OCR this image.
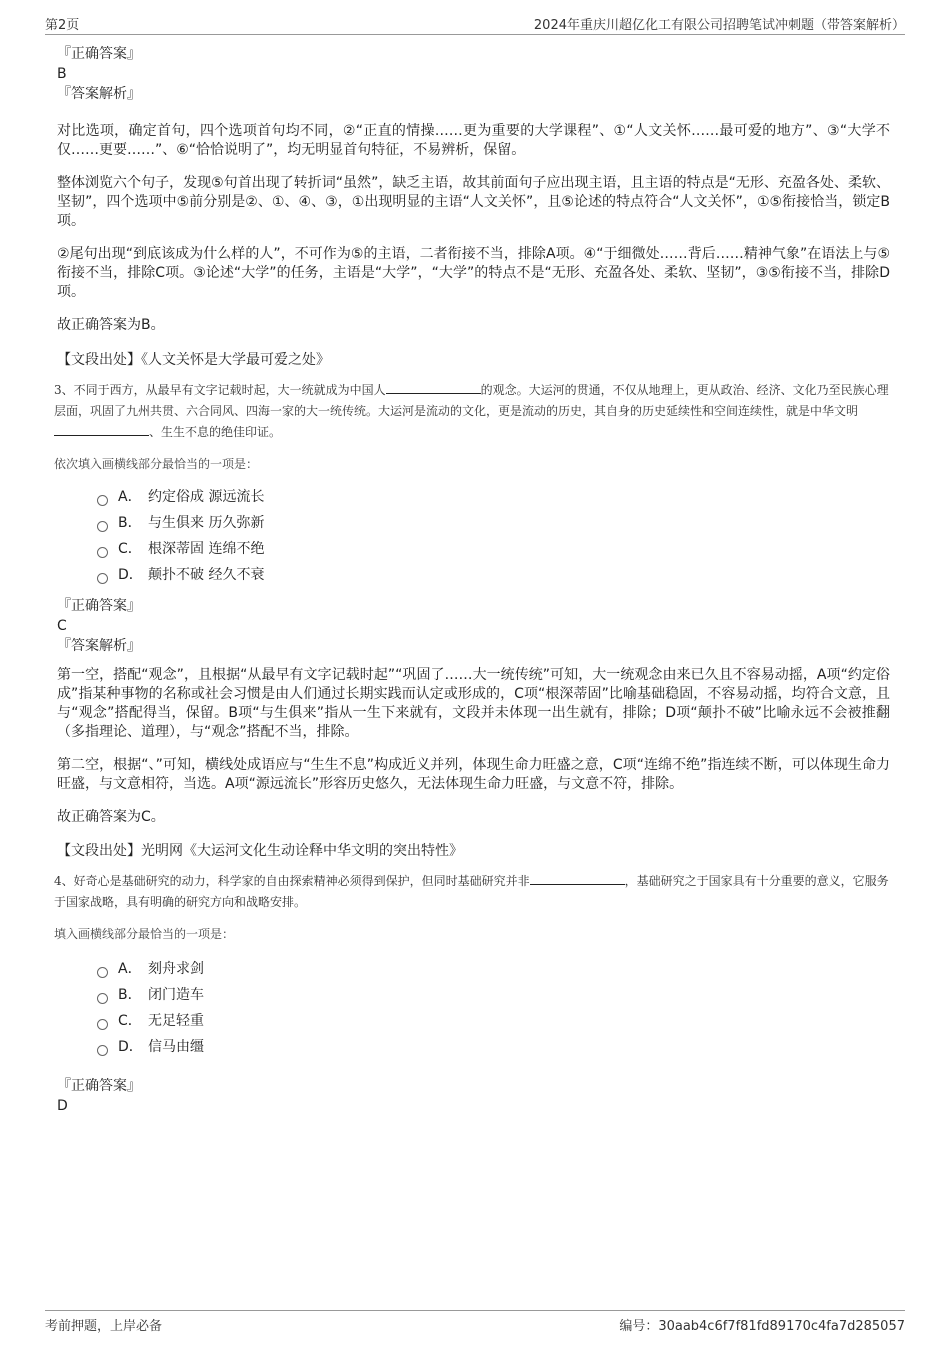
第2页	2024年重庆川超亿化工有限公司招聘笔试冲刺题（带答案解析）
『正确答案』
B
『答案解析』

对比选项，确定首句，四个选项首句均不同，②“正直的情操……更为重要的大学课程”、①“人文关怀……最可爱的地方”、③“大学不仅……更要……”、⑥“恰恰说明了”，均无明显首句特征，不易辨析，保留。

整体浏览六个句子，发现⑤句首出现了转折词“虽然”，缺乏主语，故其前面句子应出现主语，且主语的特点是“无形、充盈各处、柔软、坚韧”，四个选项中⑤前分别是②、①、④、③，①出现明显的主语“人文关怀”，且⑤论述的特点符合“人文关怀”，①⑤衔接恰当，锁定B项。

②尾句出现“到底该成为什么样的人”，不可作为⑤的主语，二者衔接不当，排除A项。④“于细微处……背后……精神气象”在语法上与⑤衔接不当，排除C项。③论述“大学”的任务，主语是“大学”，“大学”的特点不是“无形、充盈各处、柔软、坚韧”，③⑤衔接不当，排除D项。

故正确答案为B。

【文段出处】《人文关怀是大学最可爱之处》
3、不同于西方，从最早有文字记载时起，大一统就成为中国人	的观念。大运河的贯通，不仅从地理上，更从政治、经济、文化乃至民族心理层面，巩固了九州共贯、六合同风、四海一家的大一统传统。大运河是流动的文化，更是流动的历史，其自身的历史延续性和空间连续性，就是中华文明、生生不息的绝佳印证。
依次填入画横线部分最恰当的一项是：
A． 约定俗成 源远流长
B． 与生俱来 历久弥新
C． 根深蒂固 连绵不绝
D． 颠扑不破 经久不衰
『正确答案』
C
『答案解析』

第一空，搭配“观念”，且根据“从最早有文字记载时起”“巩固了……大一统传统”可知，大一统观念由来已久且不容易动摇，A项“约定俗成”指某种事物的名称或社会习惯是由人们通过长期实践而认定或形成的，C项“根深蒂固”比喻基础稳固，不容易动摇，均符合文意，且与“观念”搭配得当，保留。B项“与生俱来”指从一生下来就有，文段并未体现一出生就有，排除；D项“颠扑不破”比喻永远不会被推翻（多指理论、道理），与“观念”搭配不当，排除。

第二空，根据“、”可知，横线处成语应与“生生不息”构成近义并列，体现生命力旺盛之意，C项“连绵不绝”指连续不断，可以体现生命力旺盛，与文意相符，当选。A项“源远流长”形容历史悠久，无法体现生命力旺盛，与文意不符，排除。

故正确答案为C。

【文段出处】光明网《大运河文化生动诠释中华文明的突出特性》
4、好奇心是基础研究的动力，科学家的自由探索精神必须得到保护，但同时基础研究并非	，基础研究之于国家具有十分重要的意义，它服务于国家战略，具有明确的研究方向和战略安排。
填入画横线部分最恰当的一项是：
A． 刻舟求剑
B． 闭门造车
C． 无足轻重
D． 信马由缰
『正确答案』
D
考前押题，上岸必备	编号：30aab4c6f7f81fd89170c4fa7d285057
